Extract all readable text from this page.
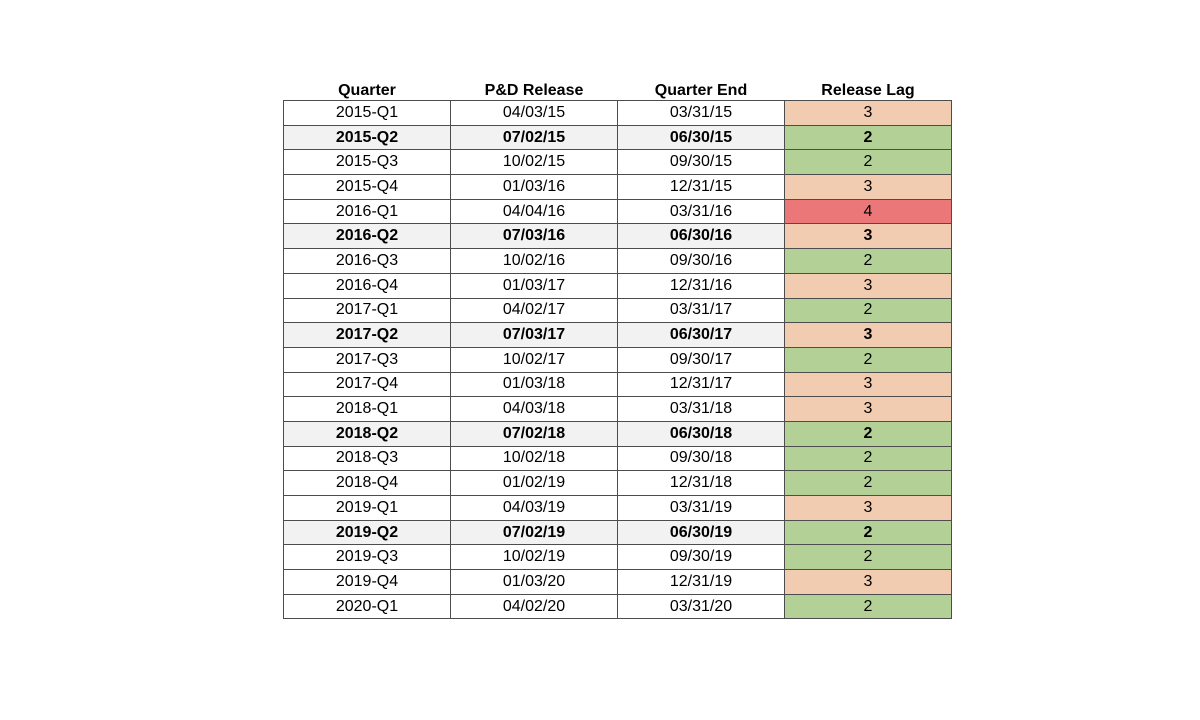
Quarter	P&D Release	Quarter End	Release Lag
2015-Q1	04/03/15	03/31/15	3
2015-Q2	07/02/15	06/30/15	2
2015-Q3	10/02/15	09/30/15	2
2015-Q4	01/03/16	12/31/15	3
2016-Q1	04/04/16	03/31/16	4
2016-Q2	07/03/16	06/30/16	3
2016-Q3	10/02/16	09/30/16	2
2016-Q4	01/03/17	12/31/16	3
2017-Q1	04/02/17	03/31/17	2
2017-Q2	07/03/17	06/30/17	3
2017-Q3	10/02/17	09/30/17	2
2017-Q4	01/03/18	12/31/17	3
2018-Q1	04/03/18	03/31/18	3
2018-Q2	07/02/18	06/30/18	2
2018-Q3	10/02/18	09/30/18	2
2018-Q4	01/02/19	12/31/18	2
2019-Q1	04/03/19	03/31/19	3
2019-Q2	07/02/19	06/30/19	2
2019-Q3	10/02/19	09/30/19	2
2019-Q4	01/03/20	12/31/19	3
2020-Q1	04/02/20	03/31/20	2
